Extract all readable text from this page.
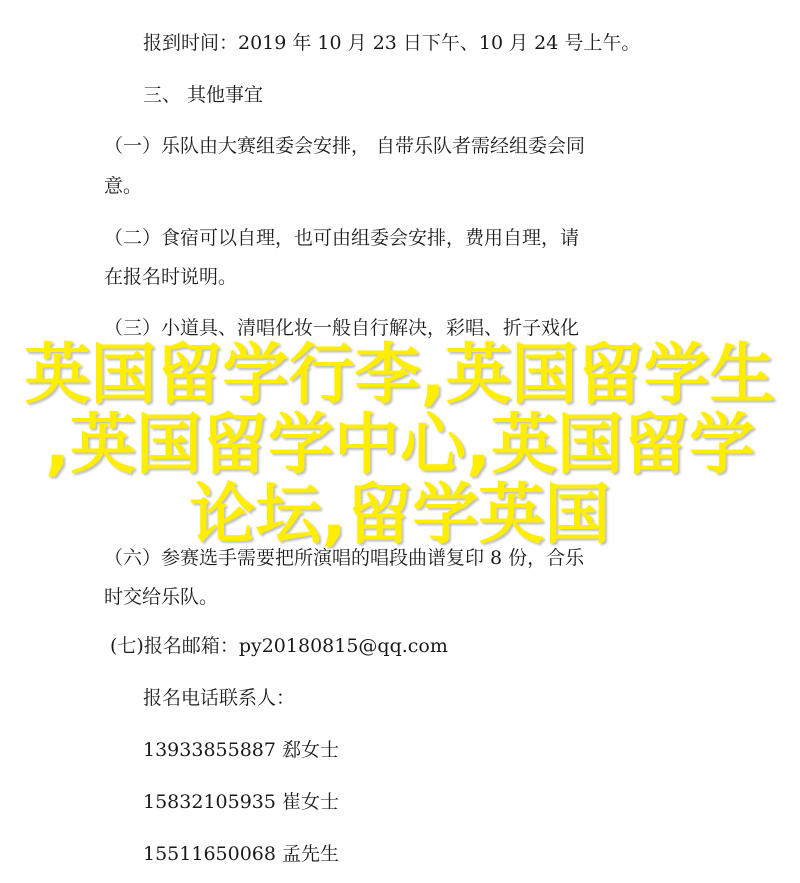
报到时间：2019 年 10 月 23 日下午、10 月 24 号上午。
三、 其他事宜
（一）乐队由大赛组委会安排， 自带乐队者需经组委会同
意。
（二）食宿可以自理，也可由组委会安排，费用自理，请
在报名时说明。
（三）小道具、清唱化妆一般自行解决，彩唱、折子戏化
（六）参赛选手需要把所演唱的唱段曲谱复印 8 份，合乐
时交给乐队。
(七)报名邮箱：py20180815@qq.com
报名电话联系人：
13933855887 郄女士
15832105935 崔女士
15511650068 孟先生
英国留学行李,英国留学生
,英国留学中心,英国留学
论坛,留学英国
